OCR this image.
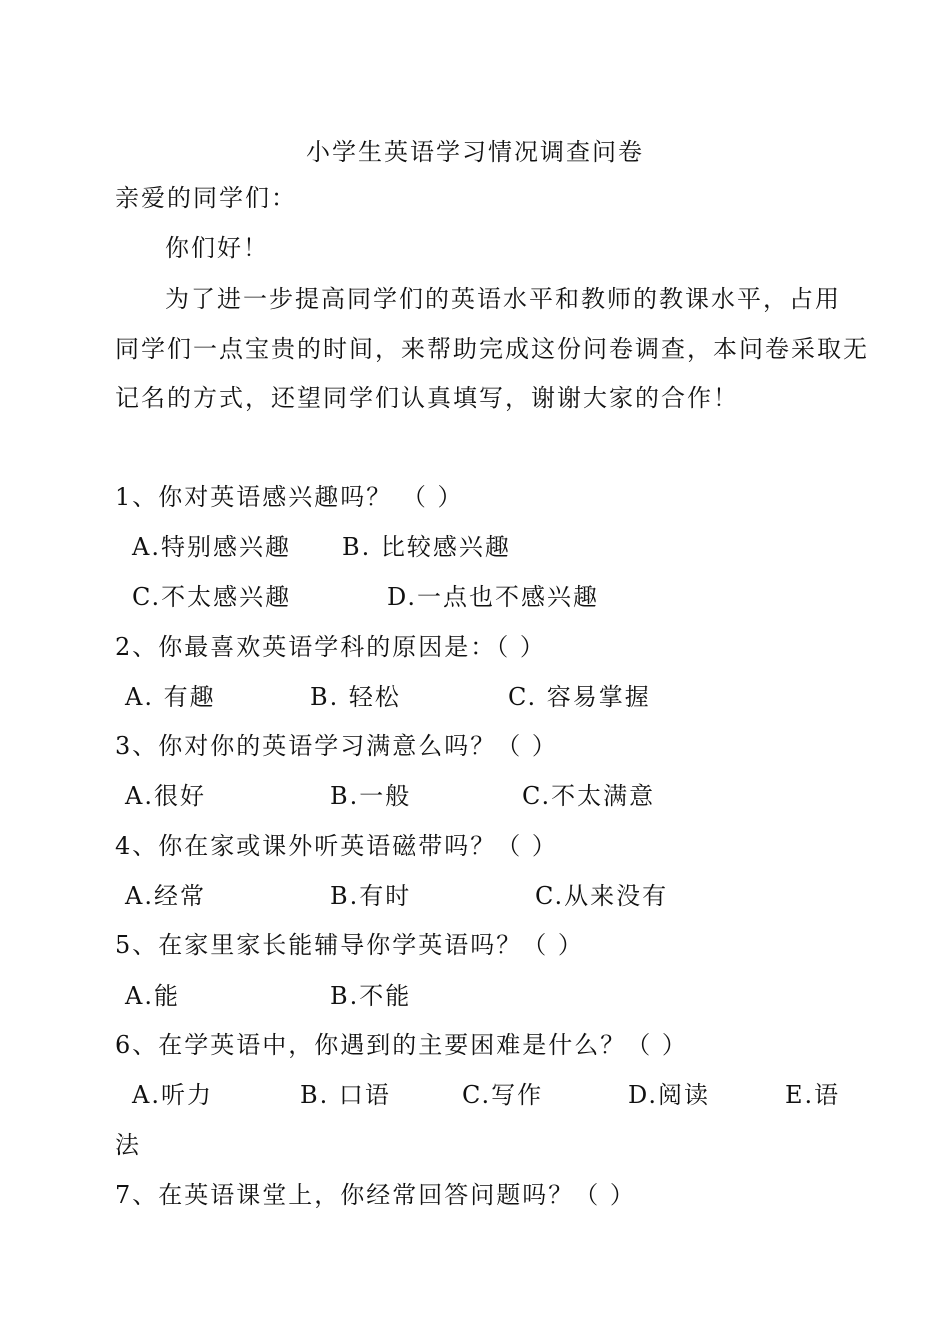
小学生英语学习情况调查问卷
亲爱的同学们：
你们好！
为了进一步提高同学们的英语水平和教师的教课水平，占用
同学们一点宝贵的时间，来帮助完成这份问卷调查，本问卷采取无
记名的方式，还望同学们认真填写，谢谢大家的合作！
1、你对英语感兴趣吗？ （ ）
A.特别感兴趣 B. 比较感兴趣
C.不太感兴趣	D.一点也不感兴趣
2、你最喜欢英语学科的原因是：（ ）
A. 有趣	B. 轻松	C. 容易掌握
3、你对你的英语学习满意么吗？（ ）
A.很好	B.一般	C.不太满意
4、你在家或课外听英语磁带吗？（ ）
A.经常	B.有时	C.从来没有
5、在家里家长能辅导你学英语吗？（ ）
A.能	B.不能
6、在学英语中，你遇到的主要困难是什么？（ ）
A.听力	B. 口语	C.写作	D.阅读	E.语
法
7、在英语课堂上，你经常回答问题吗？（ ）
